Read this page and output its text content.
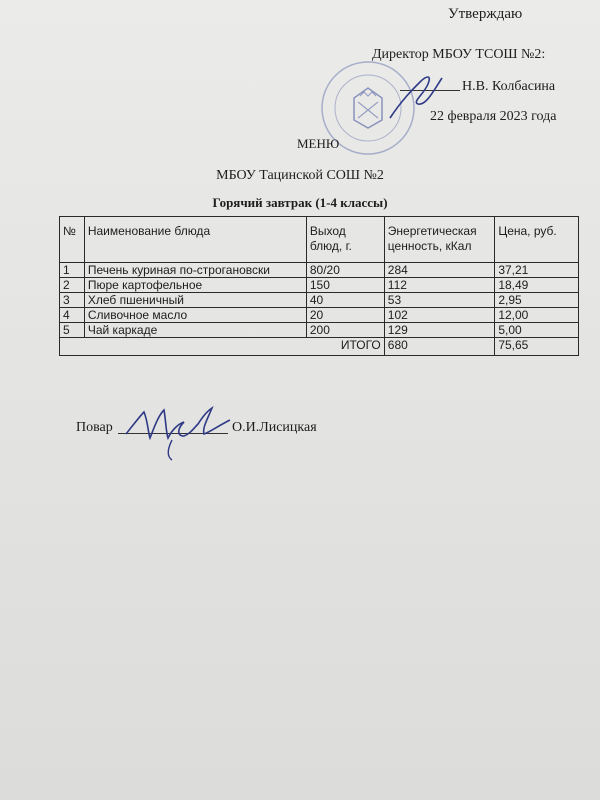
Утверждаю
Директор МБОУ ТСОШ №2:
Н.В. Колбасина
22 февраля 2023 года
МЕНЮ
МБОУ Тацинской СОШ №2
Горячий завтрак (1-4 классы)
№	Наименование блюда	Выход блюд, г.	Энергетическая ценность, кКал	Цена, руб.
1	Печень куриная по-строгановски	80/20	284	37,21
2	Пюре картофельное	150	112	18,49
3	Хлеб пшеничный	40	53	2,95
4	Сливочное масло	20	102	12,00
5	Чай каркаде	200	129	5,00
ИТОГО			680	75,65
Повар	О.И.Лисицкая
